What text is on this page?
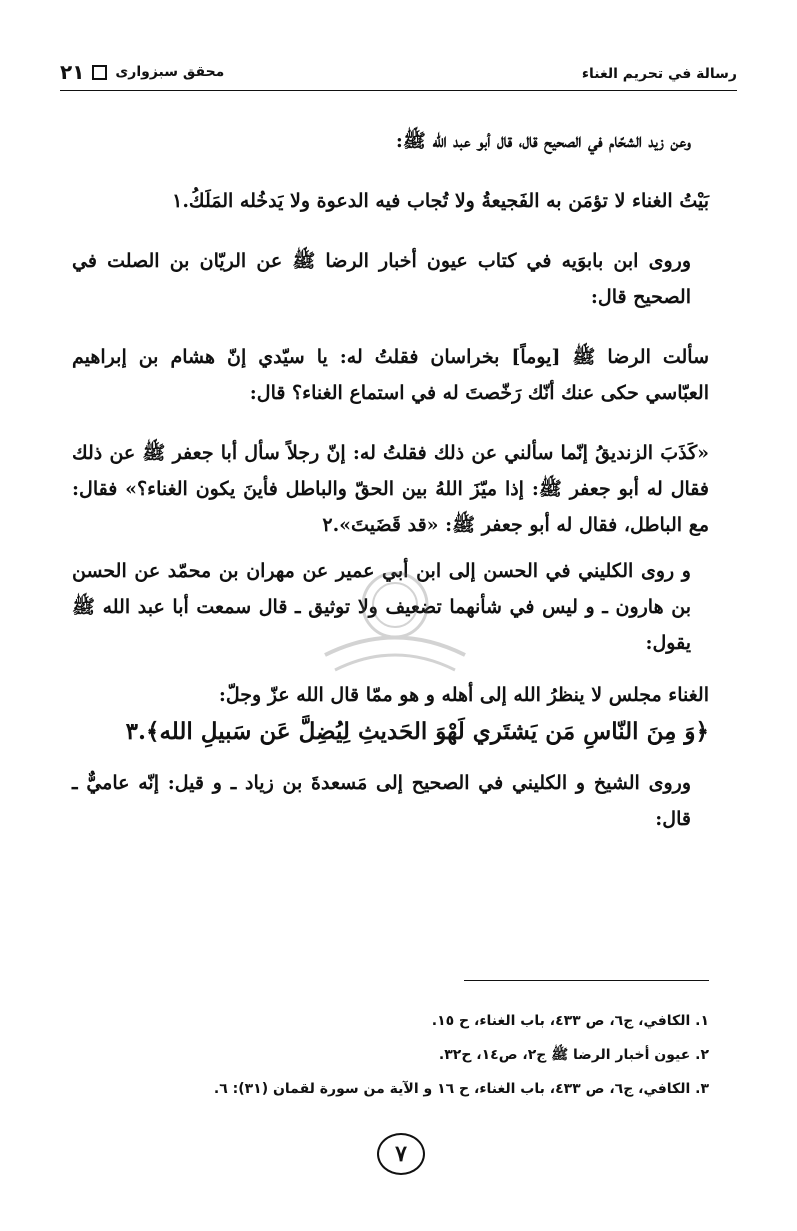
رسالة في تحريم الغناء
محقق سبزواری
۲۱

وعن زيد الشحّام في الصحيح قال، قال أبو عبد الله ﷺ:

بَيْتُ الغناء لا تؤمَن به الفَجيعةُ ولا تُجاب فيه الدعوة ولا يَدخُله المَلَكُ.١

وروى ابن بابوَيه في كتاب عيون أخبار الرضا ﷺ عن الريّان بن الصلت في الصحيح قال:

سألت الرضا ﷺ [يوماً] بخراسان فقلتُ له: يا سيّدي إنّ هشام بن إبراهيم العبّاسي حكى عنك أنّك رَخّصتَ له في استماع الغناء؟ قال:

«كَذَبَ الزنديقُ إنّما سألني عن ذلك فقلتُ له: إنّ رجلاً سأل أبا جعفر ﷺ عن ذلك فقال له أبو جعفر ﷺ: إذا ميّزَ اللهُ بين الحقّ والباطل فأينَ يكون الغناء؟» فقال: مع الباطل، فقال له أبو جعفر ﷺ: «قد قَضَيتَ».٢

و روى الكليني في الحسن إلى ابن أبي عمير عن مهران بن محمّد عن الحسن بن هارون ـ و ليس في شأنهما تضعيف ولا توثيق ـ قال سمعت أبا عبد الله ﷺ يقول:

الغناء مجلس لا ينظرُ الله إلى أهله و هو ممّا قال الله عزّ وجلّ:

﴿وَ مِنَ النّاسِ مَن يَشتَري لَهْوَ الحَديثِ لِيُضِلَّ عَن سَبيلِ الله﴾.٣

وروى الشيخ و الكليني في الصحيح إلى مَسعدةَ بن زياد ـ و قيل: إنّه عاميٌّ ـ قال:

١. الكافي، ج٦، ص ٤٣٣، باب الغناء، ح ١٥.
٢. عيون أخبار الرضا ﷺ ج٢، ص١٤، ح٣٢.
٣. الكافي، ج٦، ص ٤٣٣، باب الغناء، ح ١٦ و الآية من سورة لقمان (٣١): ٦.
٧
